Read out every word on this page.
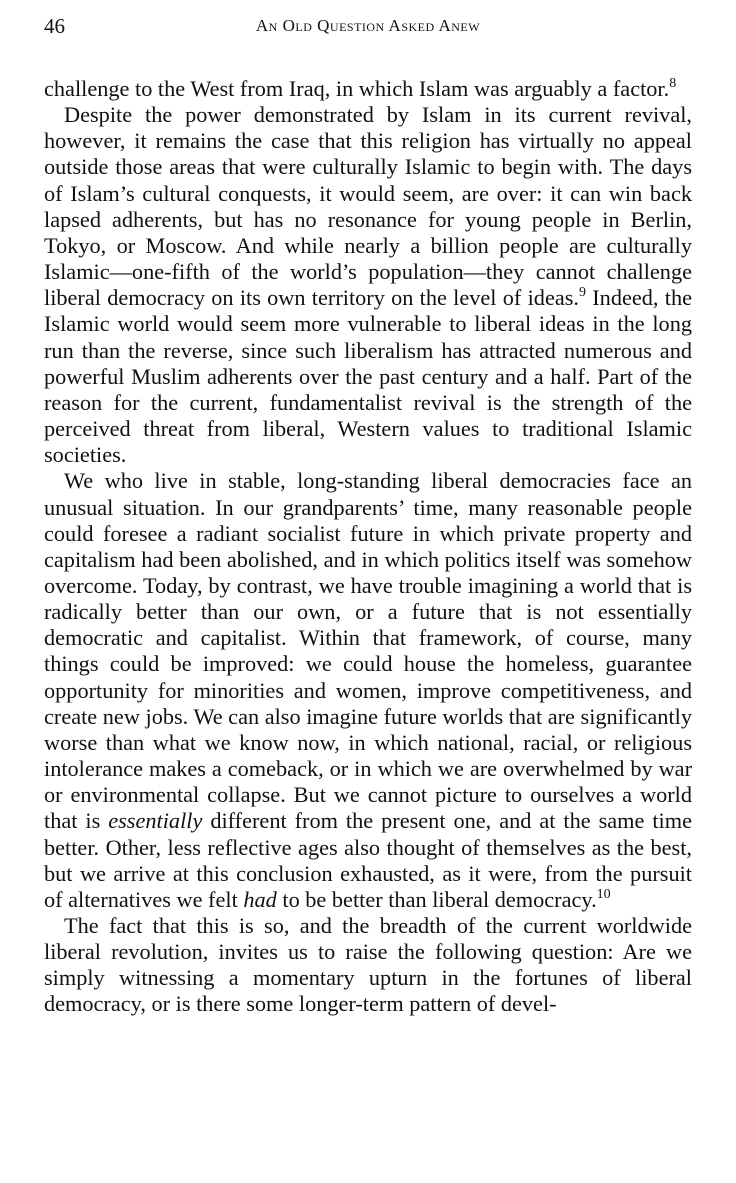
46	An Old Question Asked Anew

challenge to the West from Iraq, in which Islam was arguably a factor.$^8$

Despite the power demonstrated by Islam in its current revival, however, it remains the case that this religion has virtually no appeal outside those areas that were culturally Islamic to begin with. The days of Islam’s cultural conquests, it would seem, are over: it can win back lapsed adherents, but has no resonance for young people in Berlin, Tokyo, or Moscow. And while nearly a billion people are culturally Islamic—one-fifth of the world’s population—they cannot challenge liberal democracy on its own territory on the level of ideas.$^9$ Indeed, the Islamic world would seem more vulnerable to liberal ideas in the long run than the reverse, since such liberalism has attracted numerous and powerful Muslim adherents over the past century and a half. Part of the reason for the current, fundamentalist revival is the strength of the perceived threat from liberal, Western values to traditional Islamic societies.

We who live in stable, long-standing liberal democracies face an unusual situation. In our grandparents’ time, many reasonable people could foresee a radiant socialist future in which private property and capitalism had been abolished, and in which politics itself was somehow overcome. Today, by contrast, we have trouble imagining a world that is radically better than our own, or a future that is not essentially democratic and capitalist. Within that framework, of course, many things could be improved: we could house the homeless, guarantee opportunity for minorities and women, improve competitiveness, and create new jobs. We can also imagine future worlds that are significantly worse than what we know now, in which national, racial, or religious intolerance makes a comeback, or in which we are overwhelmed by war or environmental collapse. But we cannot picture to ourselves a world that is essentially different from the present one, and at the same time better. Other, less reflective ages also thought of themselves as the best, but we arrive at this conclusion exhausted, as it were, from the pursuit of alternatives we felt had to be better than liberal democracy.$^{10}$

The fact that this is so, and the breadth of the current worldwide liberal revolution, invites us to raise the following question: Are we simply witnessing a momentary upturn in the fortunes of liberal democracy, or is there some longer-term pattern of devel-
